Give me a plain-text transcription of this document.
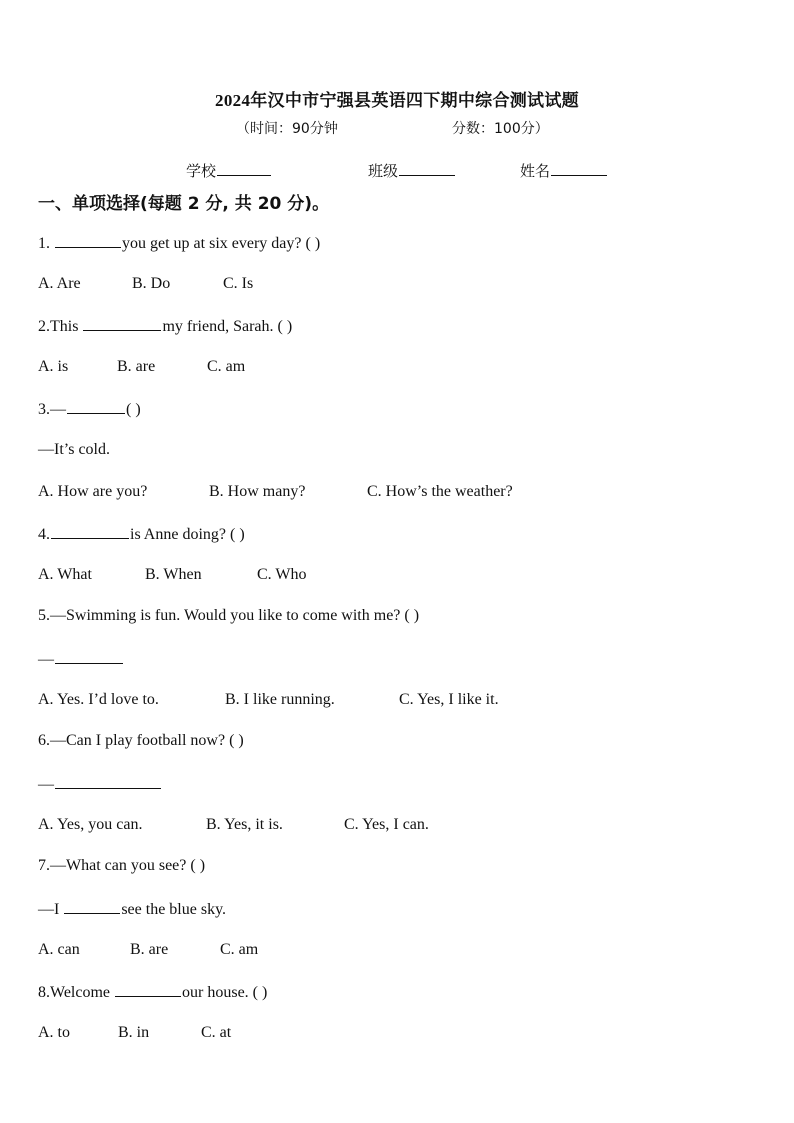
2024年汉中市宁强县英语四下期中综合测试试题
（时间：90分钟	分数：100分）
学校	班级	姓名
一、单项选择(每题 2 分, 共 20 分)。
1.	you get up at six every day? ( )
A. Are	B. Do	C. Is
2.This	my friend, Sarah. ( )
A. is	B. are	C. am
3.—	( )
—It’s cold.
A. How are you?	B. How many?	C. How’s the weather?
4.	is Anne doing? ( )
A. What	B. When	C. Who
5.—Swimming is fun. Would you like to come with me? ( )
—
A. Yes. I’d love to.	B. I like running.	C. Yes, I like it.
6.—Can I play football now? ( )
—
A. Yes, you can.	B. Yes, it is.	C. Yes, I can.
7.—What can you see? ( )
—I	see the blue sky.
A. can	B. are	C. am
8.Welcome	our house. ( )
A. to	B. in	C. at
